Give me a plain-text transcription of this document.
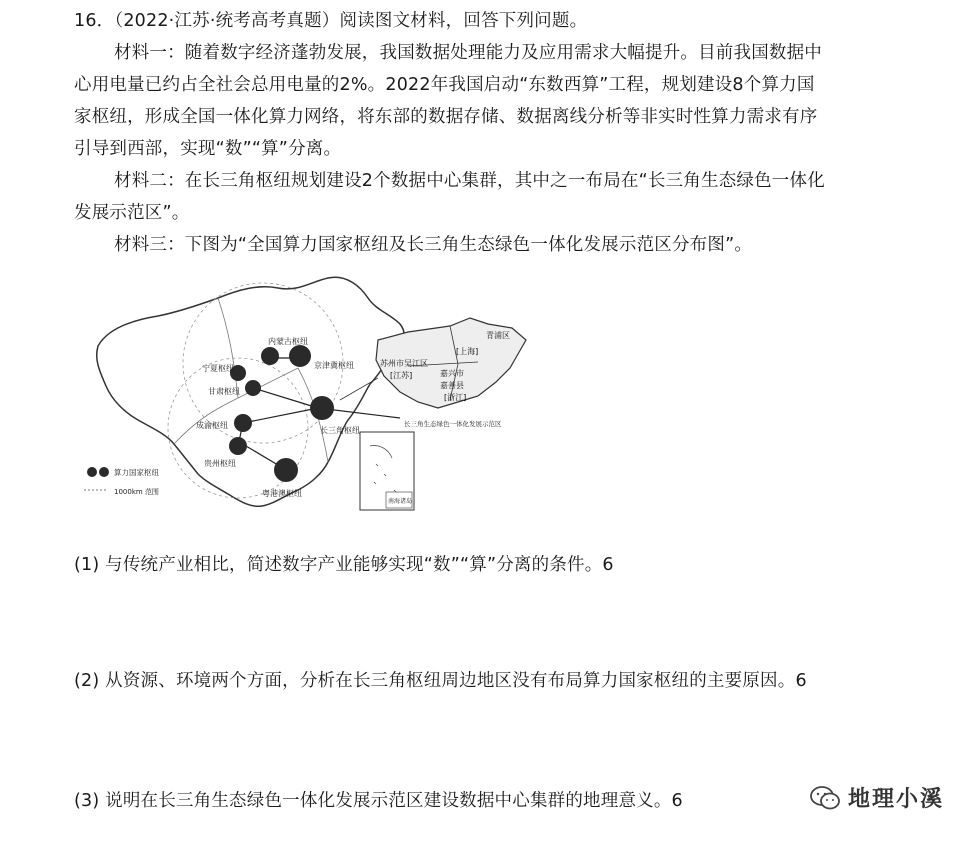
16．（2022·江苏·统考高考真题）阅读图文材料，回答下列问题。
材料一：随着数字经济蓬勃发展，我国数据处理能力及应用需求大幅提升。目前我国数据中
心用电量已约占全社会总用电量的2%。2022年我国启动“东数西算”工程，规划建设8个算力国
家枢纽，形成全国一体化算力网络，将东部的数据存储、数据离线分析等非实时性算力需求有序
引导到西部，实现“数”“算”分离。
材料二：在长三角枢纽规划建设2个数据中心集群，其中之一布局在“长三角生态绿色一体化
发展示范区”。
材料三：下图为“全国算力国家枢纽及长三角生态绿色一体化发展示范区分布图”。
内蒙古枢纽
宁夏枢纽
甘肃枢纽
京津冀枢纽
成渝枢纽
贵州枢纽
长三角枢纽
粤港澳枢纽
算力国家枢纽
1000km 范围
南海诸岛
青浦区
[上海]
苏州市吴江区
[江苏]	嘉兴市
嘉善县
[浙江]
长三角生态绿色一体化发展示范区
(1) 与传统产业相比，简述数字产业能够实现“数”“算”分离的条件。6
(2) 从资源、环境两个方面，分析在长三角枢纽周边地区没有布局算力国家枢纽的主要原因。6
(3) 说明在长三角生态绿色一体化发展示范区建设数据中心集群的地理意义。6	地理小溪
